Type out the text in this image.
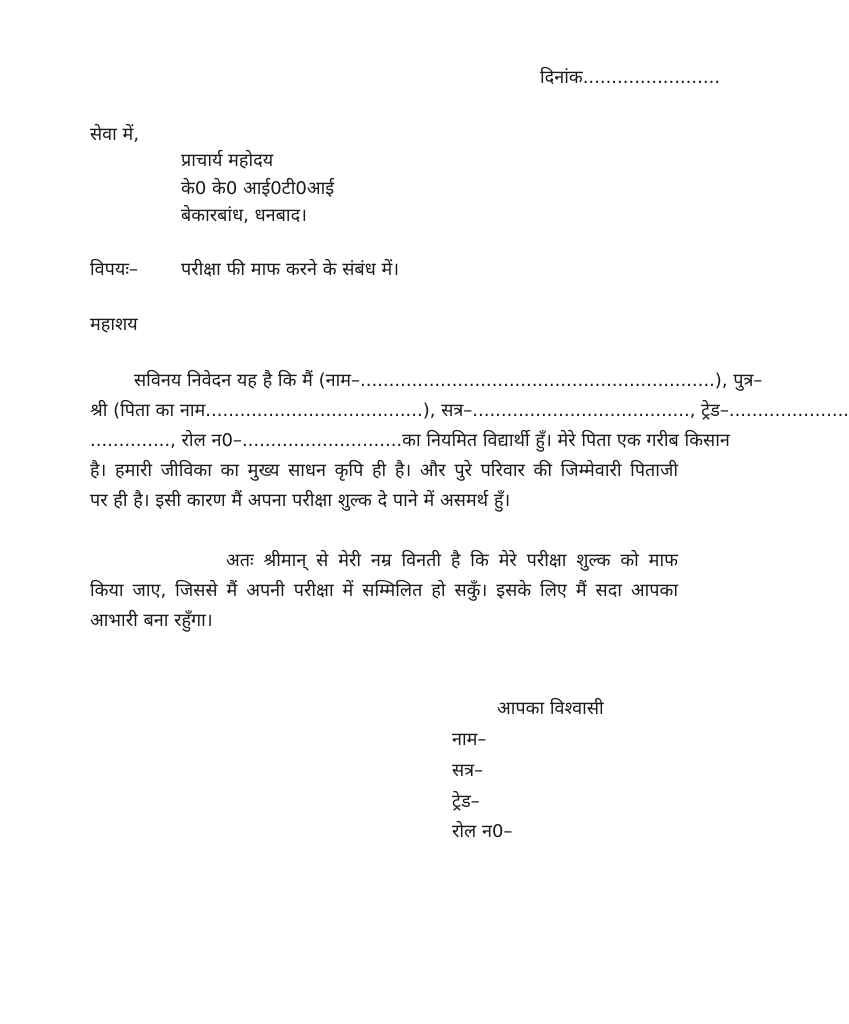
दिनांक........................
सेवा में,
प्राचार्य महोदय
के0 के0 आई0टी0आई
बेकारबांध, धनबाद।
विपयः– परीक्षा फी माफ करने के संबंध में।
महाशय
सविनय निवेदन यह है कि मैं (नाम–..............................................................), पुत्र–
श्री (पिता का नाम......................................), सत्र–......................................, ट्रेड–.....................
.............., रोल न0–............................का नियमित विद्यार्थी हुँ। मेरे पिता एक गरीब किसान
है। हमारी जीविका का मुख्य साधन कृपि ही है। और पुरे परिवार की जिम्मेवारी पिताजी
पर ही है। इसी कारण मैं अपना परीक्षा शुल्क दे पाने में असमर्थ हुँ।
अतः श्रीमान् से मेरी नम्र विनती है कि मेरे परीक्षा शुल्क को माफ
किया जाए, जिससे मैं अपनी परीक्षा में सम्मिलित हो सकुँ। इसके लिए मैं सदा आपका
आभारी बना रहुँगा।
आपका विश्वासी
नाम–
सत्र–
ट्रेड–
रोल न0–
